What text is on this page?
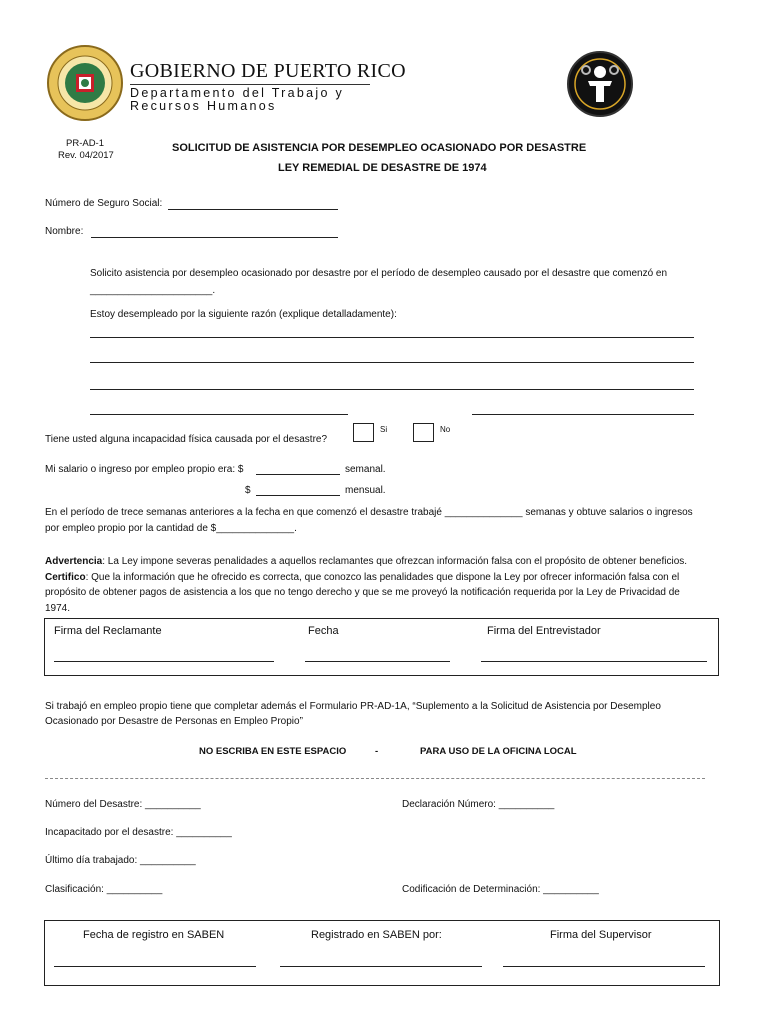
GOBIERNO DE PUERTO RICO
Departamento del Trabajo y
Recursos Humanos
PR-AD-1
Rev. 04/2017
SOLICITUD DE ASISTENCIA POR DESEMPLEO OCASIONADO POR DESASTRE
LEY REMEDIAL DE DESASTRE DE 1974
Número de Seguro Social:
Nombre:
Solicito asistencia por desempleo ocasionado por desastre por el período de desempleo causado por el desastre que comenzó en
______________________.
Estoy desempleado por la siguiente razón (explique detalladamente):
Tiene usted alguna incapacidad física causada por el desastre?
Si	No
Mi salario o ingreso por empleo propio era: $	semanal.
$	mensual.
En el período de trece semanas anteriores a la fecha en que comenzó el desastre trabajé ______________ semanas y obtuve salarios o ingresos
por empleo propio por la cantidad de $______________.
Advertencia: La Ley impone severas penalidades a aquellos reclamantes que ofrezcan información falsa con el propósito de obtener beneficios.
Certifico: Que la información que he ofrecido es correcta, que conozco las penalidades que dispone la Ley por ofrecer información falsa con el
propósito de obtener pagos de asistencia a los que no tengo derecho y que se me proveyó la notificación requerida por la Ley de Privacidad de
1974.
Firma del Reclamante	Fecha	Firma del Entrevistador
Si trabajó en empleo propio tiene que completar además el Formulario PR-AD-1A, “Suplemento a la Solicitud de Asistencia por Desempleo
Ocasionado por Desastre de Personas en Empleo Propio”
NO ESCRIBA EN ESTE ESPACIO	-	PARA USO DE LA OFICINA LOCAL
Número del Desastre: __________	Declaración Número: __________
Incapacitado por el desastre: __________
Último día trabajado: __________
Clasificación: __________	Codificación de Determinación: __________
Fecha de registro en SABEN	Registrado en SABEN por:	Firma del Supervisor
